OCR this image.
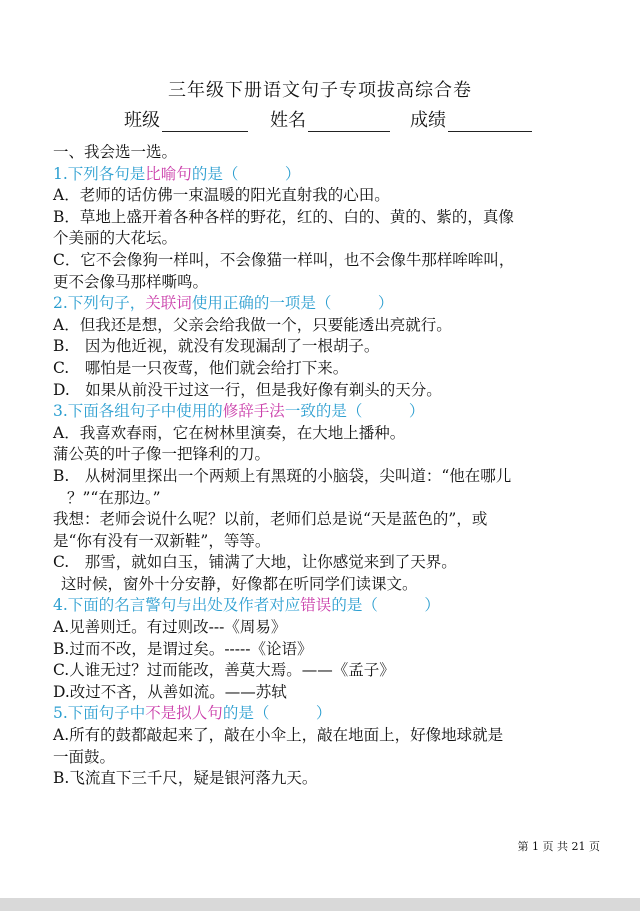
三年级下册语文句子专项拔高综合卷
班级	姓名	成绩
一、我会选一选。
1.下列各句是比喻句的是（　　　）
A．老师的话仿佛一束温暖的阳光直射我的心田。
B．草地上盛开着各种各样的野花，红的、白的、黄的、紫的，真像
个美丽的大花坛。
C．它不会像狗一样叫，不会像猫一样叫，也不会像牛那样哞哞叫，
更不会像马那样嘶鸣。
2.下列句子，关联词使用正确的一项是（　　　）
A．但我还是想，父亲会给我做一个，只要能透出亮就行。
B.　因为他近视，就没有发现漏刮了一根胡子。
C.　哪怕是一只夜莺，他们就会给打下来。
D.　如果从前没干过这一行，但是我好像有剃头的天分。
3.下面各组句子中使用的修辞手法一致的是（　　　）
A．我喜欢春雨，它在树林里演奏，在大地上播种。
蒲公英的叶子像一把锋利的刀。
B.　从树洞里探出一个两颊上有黑斑的小脑袋，尖叫道：“他在哪儿
？”“在那边。”
我想：老师会说什么呢？以前，老师们总是说“天是蓝色的”，或
是“你有没有一双新鞋”，等等。
C.　那雪，就如白玉，铺满了大地，让你感觉来到了天界。
这时候，窗外十分安静，好像都在听同学们读课文。
4.下面的名言警句与出处及作者对应错误的是（　　　）
A.见善则迁。有过则改---《周易》
B.过而不改，是谓过矣。-----《论语》
C.人谁无过？过而能改，善莫大焉。——《孟子》
D.改过不吝，从善如流。——苏轼
5.下面句子中不是拟人句的是（　　　）
A.所有的鼓都敲起来了，敲在小伞上，敲在地面上，好像地球就是
一面鼓。
B.飞流直下三千尺，疑是银河落九天。
第 1 页 共 21 页
